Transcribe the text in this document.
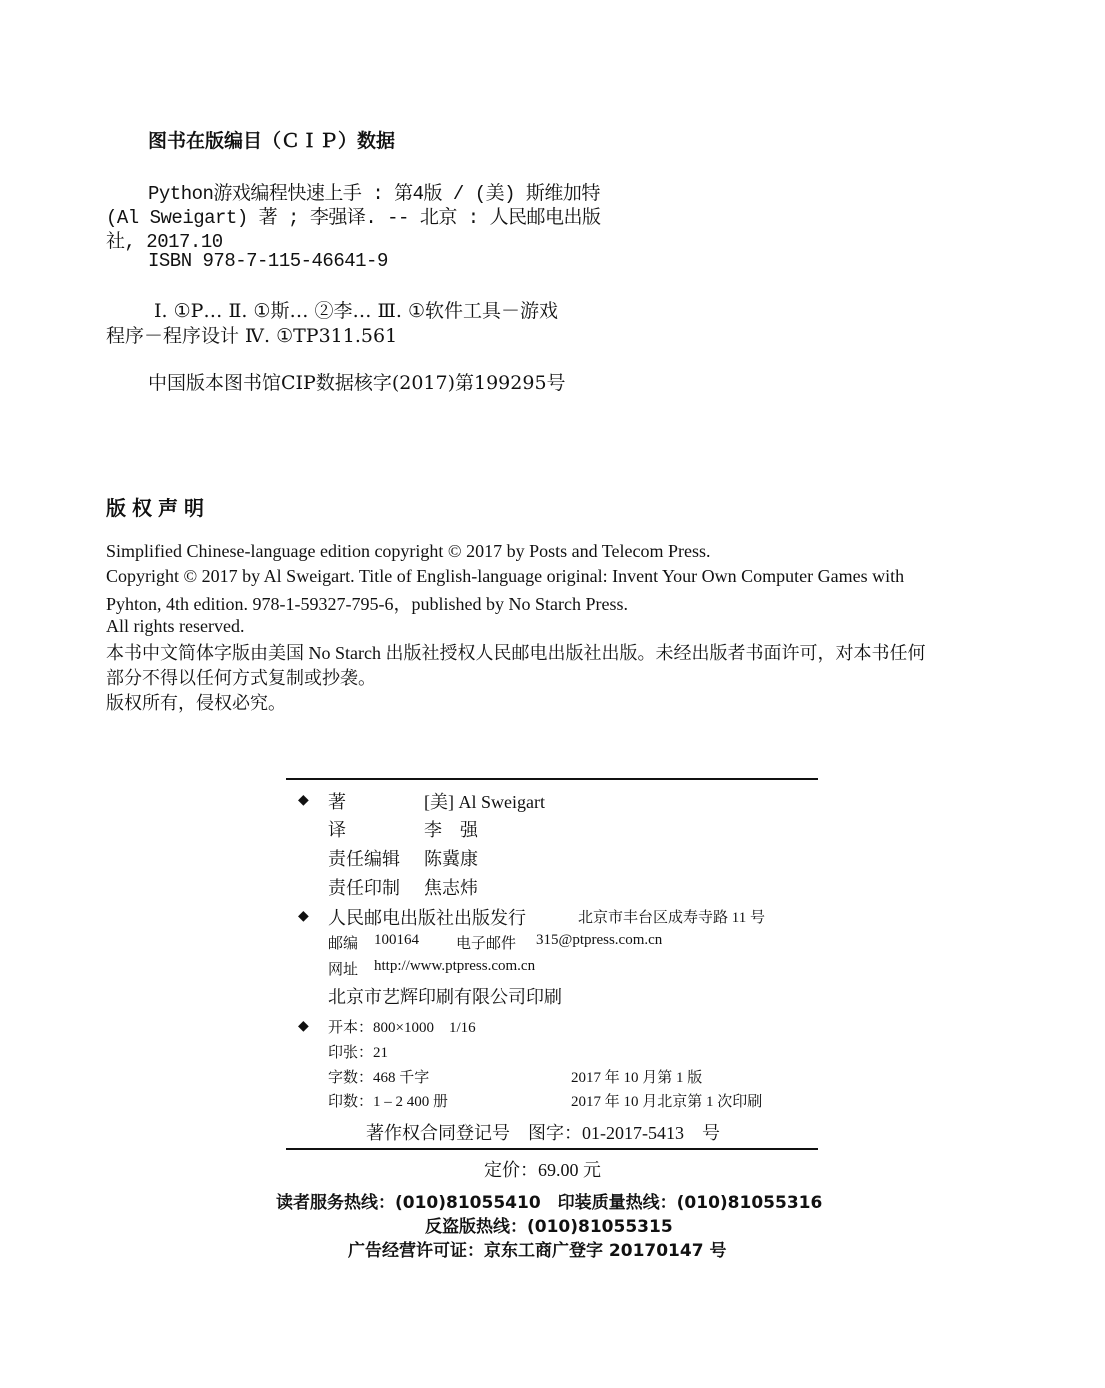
图书在版编目（ＣＩＰ）数据
Python游戏编程快速上手 : 第4版 / (美) 斯维加特
(Al Sweigart) 著 ; 李强译. -- 北京 : 人民邮电出版
社, 2017.10
ISBN 978-7-115-46641-9
Ⅰ. ①P… Ⅱ. ①斯… ②李… Ⅲ. ①软件工具－游戏
程序－程序设计 Ⅳ. ①TP311.561
中国版本图书馆CIP数据核字(2017)第199295号
版权声明
Simplified Chinese-language edition copyright © 2017 by Posts and Telecom Press.
Copyright © 2017 by Al Sweigart. Title of English-language original: Invent Your Own Computer Games with
Pyhton, 4th edition. 978-1-59327-795-6，published by No Starch Press.
All rights reserved.
本书中文简体字版由美国 No Starch 出版社授权人民邮电出版社出版。未经出版者书面许可，对本书任何
部分不得以任何方式复制或抄袭。
版权所有，侵权必究。
◆ 著	[美] Al Sweigart
译	李　强
责任编辑 陈冀康
责任印制 焦志炜
◆ 人民邮电出版社出版发行	北京市丰台区成寿寺路 11 号
邮编 100164 电子邮件 315@ptpress.com.cn
网址 http://www.ptpress.com.cn
北京市艺辉印刷有限公司印刷
◆ 开本：800×1000　1/16
印张：21
字数：468 千字	2017 年 10 月第 1 版
印数：1 – 2 400 册	2017 年 10 月北京第 1 次印刷
著作权合同登记号　图字：01-2017-5413　号
定价：69.00 元
读者服务热线：(010)81055410　印装质量热线：(010)81055316
反盗版热线：(010)81055315
广告经营许可证：京东工商广登字 20170147 号
